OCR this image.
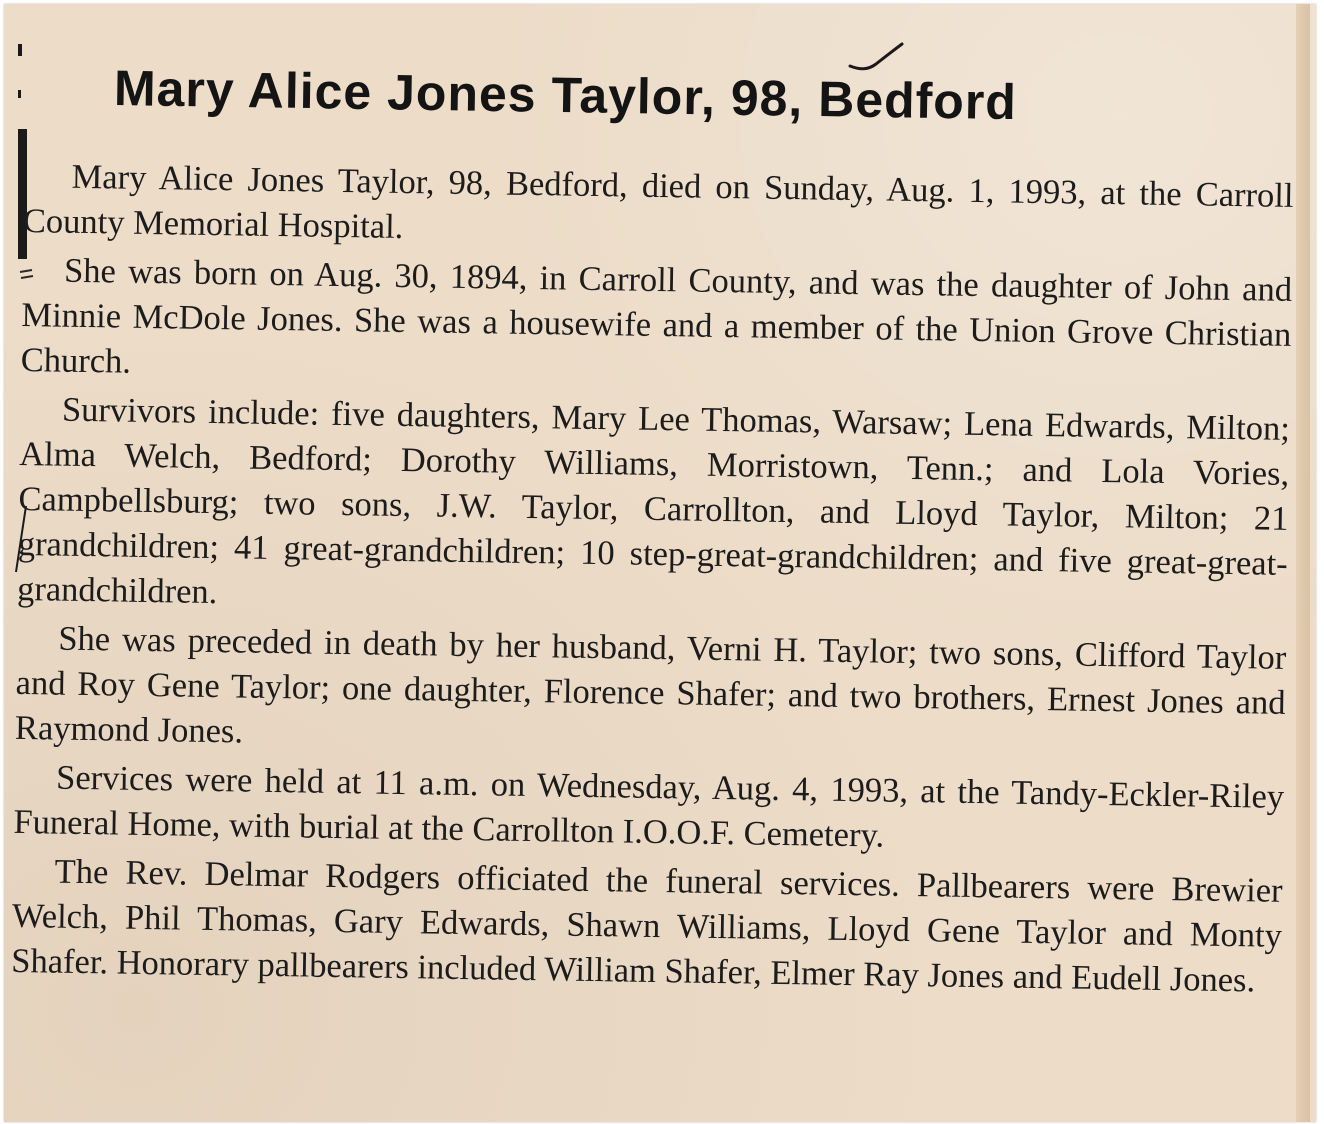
Mary Alice Jones Taylor, 98, Bedford

Mary Alice Jones Taylor, 98, Bedford, died on Sunday, Aug. 1, 1993, at the Carroll County Memorial Hospital.

She was born on Aug. 30, 1894, in Carroll County, and was the daughter of John and Minnie McDole Jones. She was a housewife and a member of the Union Grove Christian Church.

Survivors include: five daughters, Mary Lee Thomas, Warsaw; Lena Edwards, Milton; Alma Welch, Bedford; Dorothy Williams, Morristown, Tenn.; and Lola Vories, Campbellsburg; two sons, J.W. Taylor, Carrollton, and Lloyd Taylor, Milton; 21 grandchildren; 41 great-grandchildren; 10 step-great-grandchildren; and five great-great-grandchildren.

She was preceded in death by her husband, Verni H. Taylor; two sons, Clifford Taylor and Roy Gene Taylor; one daughter, Florence Shafer; and two brothers, Ernest Jones and Raymond Jones.

Services were held at 11 a.m. on Wednesday, Aug. 4, 1993, at the Tandy-Eckler-Riley Funeral Home, with burial at the Carrollton I.O.O.F. Cemetery.

The Rev. Delmar Rodgers officiated the funeral services. Pallbearers were Brewier Welch, Phil Thomas, Gary Edwards, Shawn Williams, Lloyd Gene Taylor and Monty Shafer. Honorary pallbearers included William Shafer, Elmer Ray Jones and Eudell Jones.
